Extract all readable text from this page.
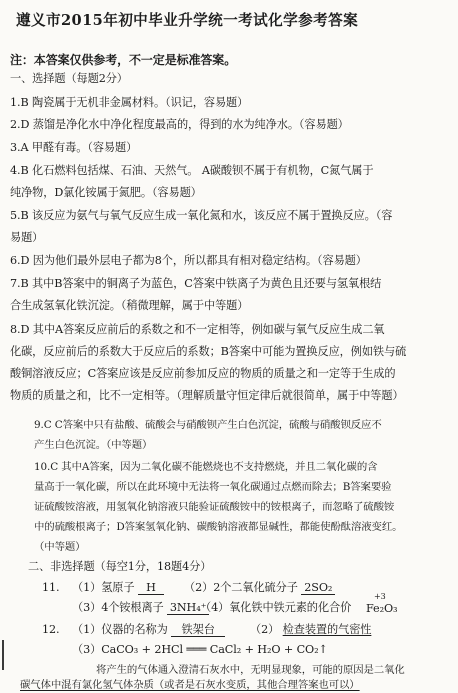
遵义市2015年初中毕业升学统一考试化学参考答案
注：本答案仅供参考，不一定是标准答案。
一、选择题（每题2分）
1.B 陶瓷属于无机非金属材料。（识记，容易题）
2.D 蒸馏是净化水中净化程度最高的，得到的水为纯净水。（容易题）
3.A 甲醛有毒。（容易题）
4.B 化石燃料包括煤、石油、天然气。 A碳酸钡不属于有机物，C氮气属于
纯净物，D氯化铵属于氮肥。（容易题）
5.B 该反应为氨气与氧气反应生成一氧化氮和水，该反应不属于置换反应。（容
易题）
6.D 因为他们最外层电子都为8个，所以都具有相对稳定结构。（容易题）
7.B 其中B答案中的铜离子为蓝色，C答案中铁离子为黄色且还要与氢氧根结
合生成氢氧化铁沉淀。（稍微理解，属于中等题）
8.D 其中A答案反应前后的系数之和不一定相等，例如碳与氧气反应生成二氧
化碳，反应前后的系数大于反应后的系数；B答案中可能为置换反应，例如铁与硫
酸铜溶液反应；C答案应该是反应前参加反应的物质的质量之和一定等于生成的
物质的质量之和，比不一定相等。（理解质量守恒定律后就很简单，属于中等题）
9.C C答案中只有盐酸、硫酸会与硝酸钡产生白色沉淀，硫酸与硝酸钡反应不
产生白色沉淀。（中等题）
10.C 其中A答案，因为二氧化碳不能燃烧也不支持燃烧，并且二氧化碳的含
量高于一氧化碳，所以在此环境中无法将一氧化碳通过点燃而除去；B答案要验
证硫酸铵溶液，用氢氧化钠溶液只能验证硫酸铵中的铵根离子，而忽略了硫酸铵
中的硫酸根离子；D答案氢氧化钠、碳酸钠溶液都显碱性，都能使酚酞溶液变红。
（中等题）
二、非选择题（每空1分，18题4分）
11. （1）氢原子 H	（2）2个二氧化硫分子 2SO₂
（3）4个铵根离子 3NH₄⁺
（4）氧化铁中铁元素的化合价
+3
Fe₂O₃
12. （1）仪器的名称为 铁架台	（2） 检查装置的气密性
（3）CaCO₃ + 2HCl ═══ CaCl₂ + H₂O + CO₂↑
将产生的气体通入澄清石灰水中，无明显现象，可能的原因是二氧化
碳气体中混有氯化氢气体杂质（或者是石灰水变质，其他合理答案也可以）
